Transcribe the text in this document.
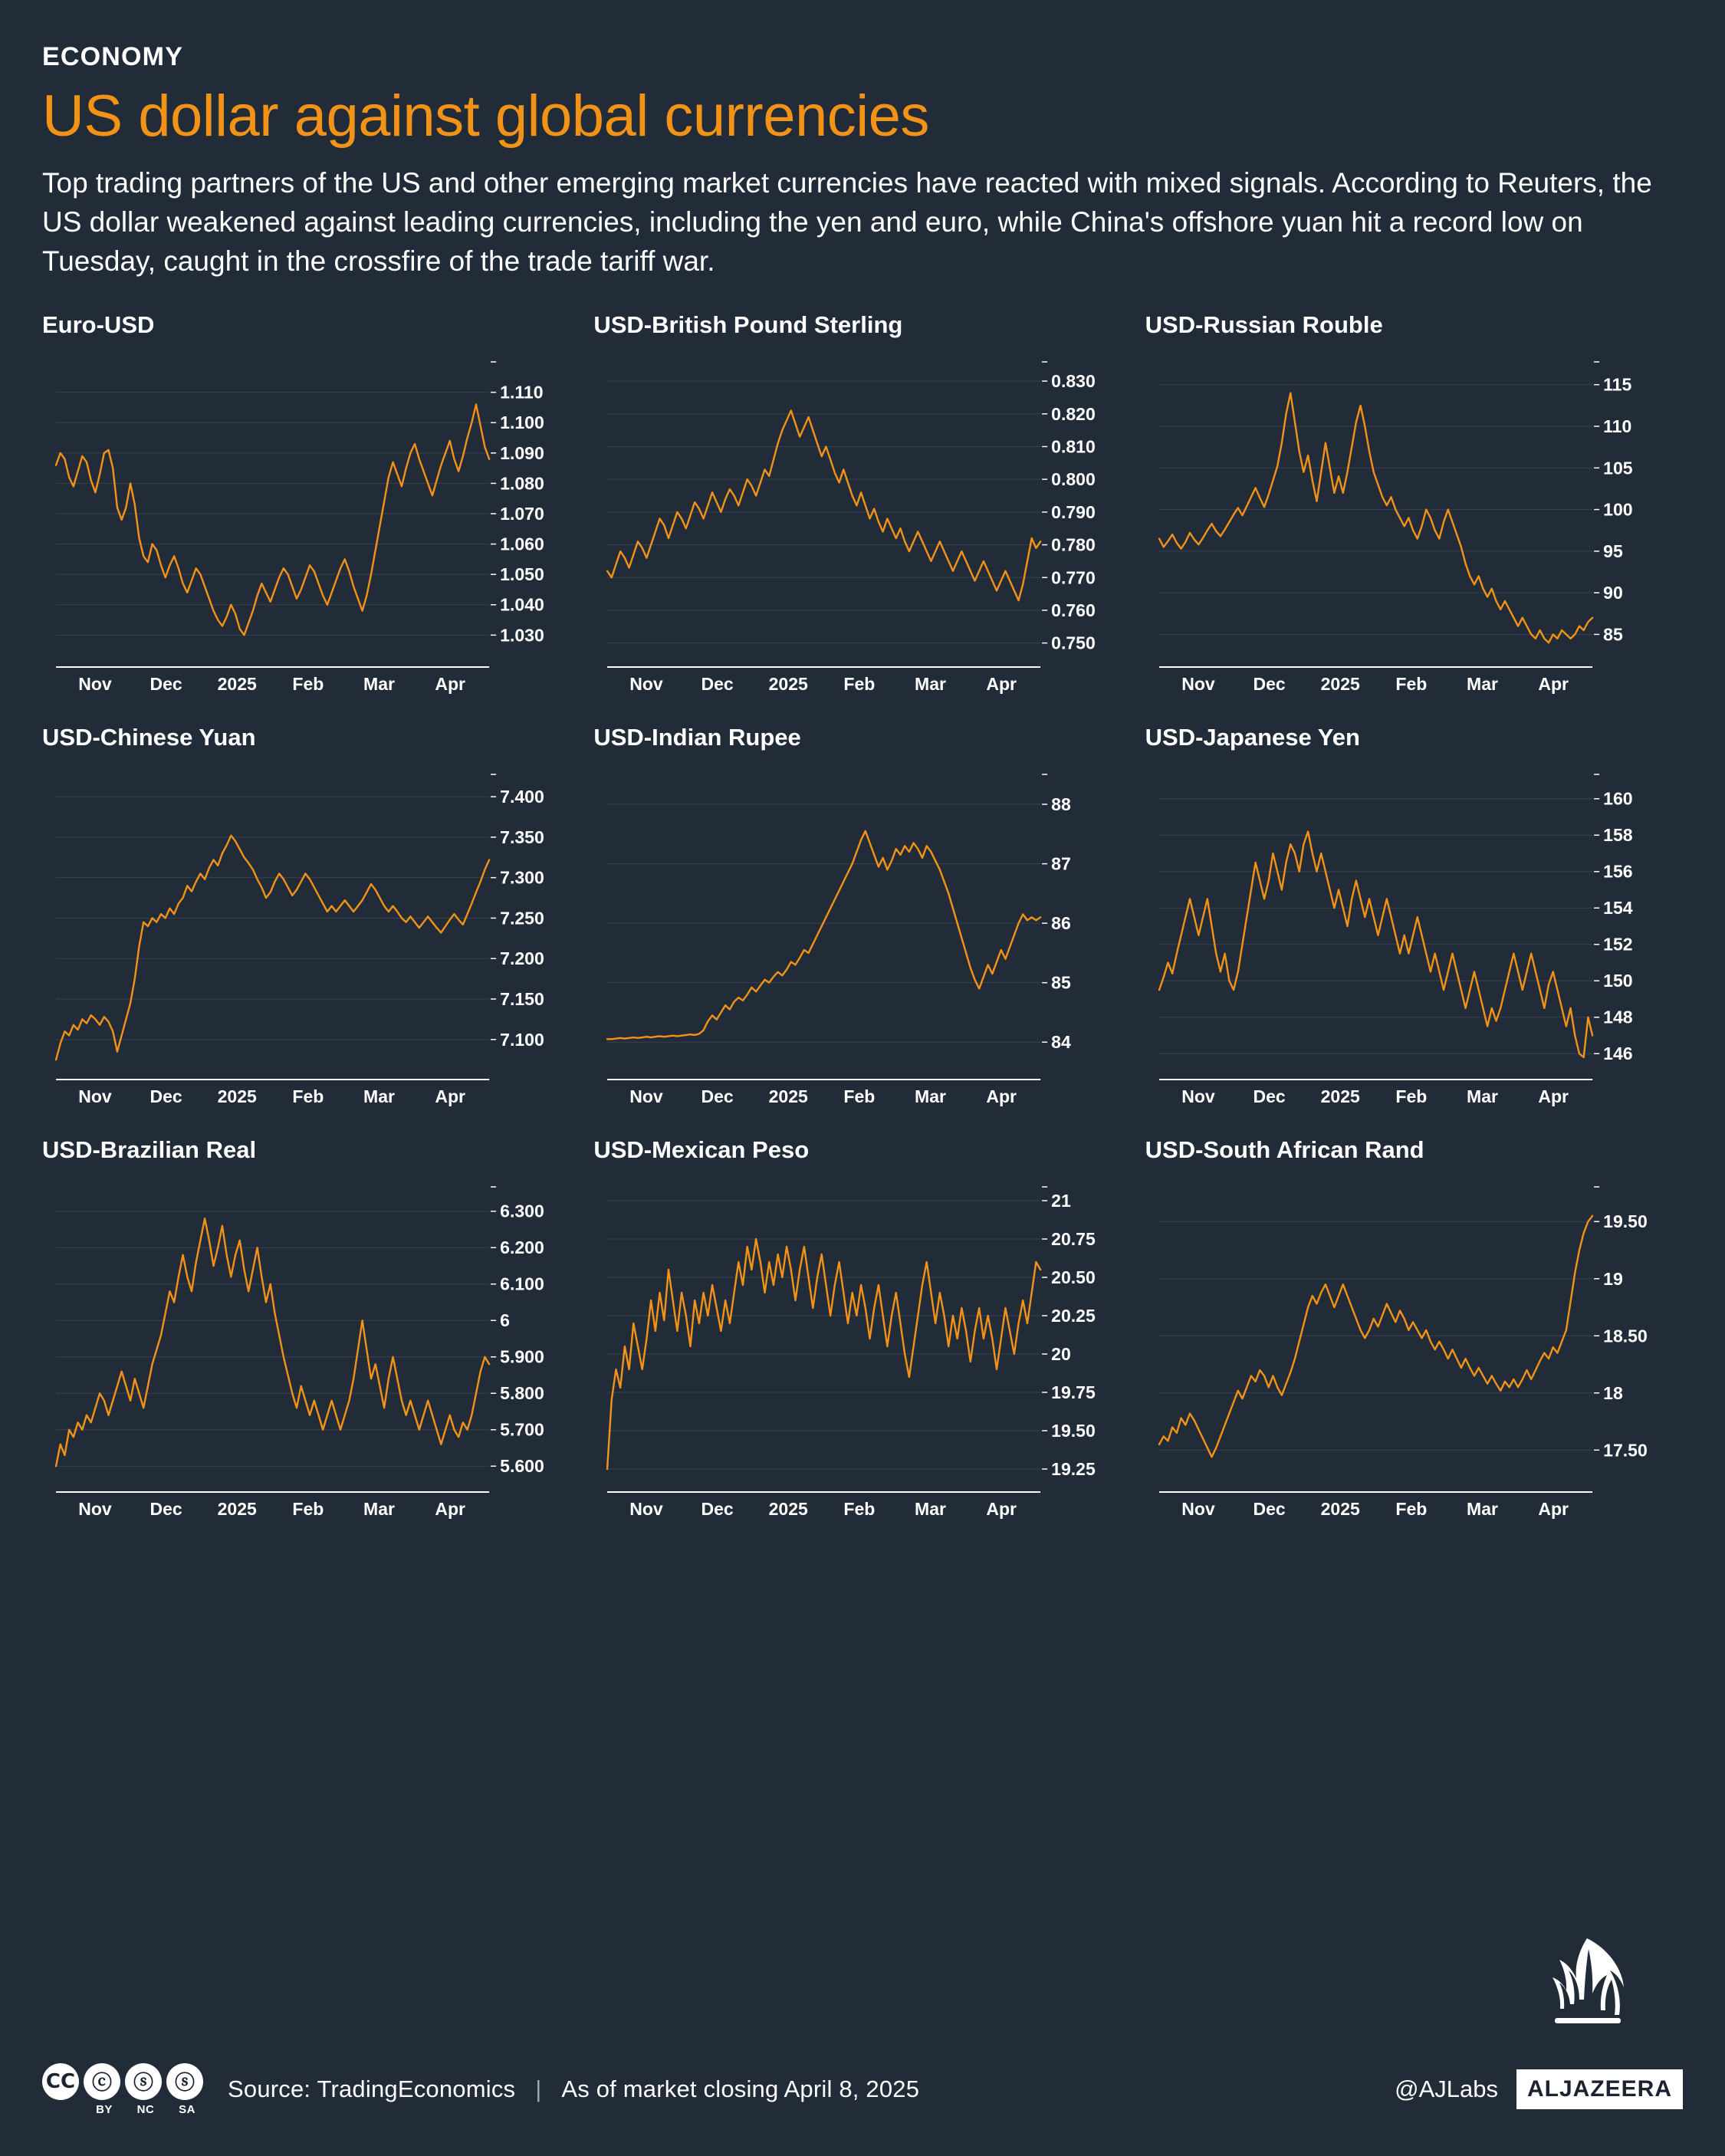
ECONOMY
US dollar against global currencies
Top trading partners of the US and other emerging market currencies have reacted with mixed signals. According to Reuters, the US dollar weakened against leading currencies, including the yen and euro, while China's offshore yuan hit a record low on Tuesday, caught in the crossfire of the trade tariff war.
Euro-USD
1.030
1.040
1.050
1.060
1.070
1.080
1.090
1.100
1.110
Nov Dec 2025 Feb Mar Apr
USD-British Pound Sterling
0.750
0.760
0.770
0.780
0.790
0.800
0.810
0.820
0.830
Nov Dec 2025 Feb Mar Apr
USD-Russian Rouble
85
90
95
100
105
110
115
Nov Dec 2025 Feb Mar Apr
USD-Chinese Yuan
7.100
7.150
7.200
7.250
7.300
7.350
7.400
Nov Dec 2025 Feb Mar Apr
USD-Indian Rupee
84
85
86
87
88
Nov Dec 2025 Feb Mar Apr
USD-Japanese Yen
146
148
150
152
154
156
158
160
Nov Dec 2025 Feb Mar Apr
USD-Brazilian Real
5.600
5.700
5.800
5.900
6
6.100
6.200
6.300
Nov Dec 2025 Feb Mar Apr
USD-Mexican Peso
19.25
19.50
19.75
20
20.25
20.50
20.75
21
Nov Dec 2025 Feb Mar Apr
USD-South African Rand
17.50
18
18.50
19
19.50
Nov Dec 2025 Feb Mar Apr
CC ⓒ
BY
ⓢ
NC
ⓢ
SA
Source: TradingEconomics | As of market closing April 8, 2025	@AJLabs	ALJAZEERA
